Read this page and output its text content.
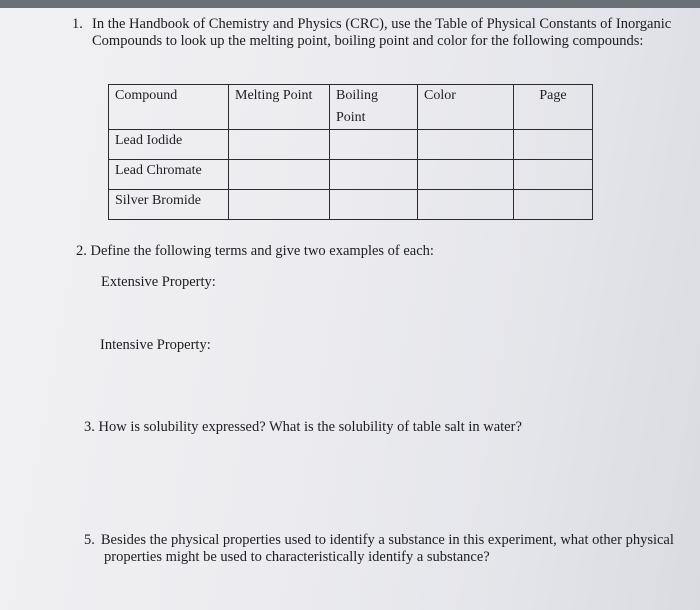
1. In the Handbook of Chemistry and Physics (CRC), use the Table of Physical Constants of Inorganic
Compounds to look up the melting point, boiling point and color for the following compounds:
Compound	Melting Point	Boiling Point	Color	Page
Lead Iodide				
Lead Chromate				
Silver Bromide				
2. Define the following terms and give two examples of each:
Extensive Property:
Intensive Property:
3. How is solubility expressed? What is the solubility of table salt in water?
5. Besides the physical properties used to identify a substance in this experiment, what other physical
properties might be used to characteristically identify a substance?
